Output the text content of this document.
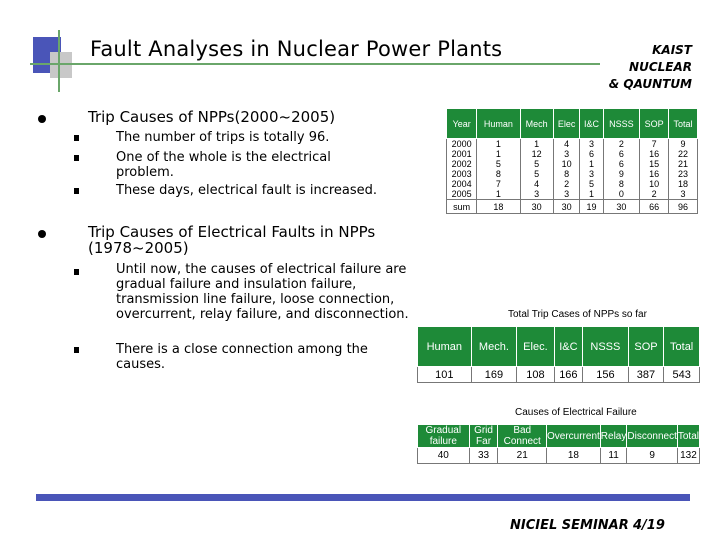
Fault Analyses in Nuclear Power Plants	KAIST NUCLEAR
& QAUNTUM
Trip Causes of NPPs(2000~2005)
The number of trips is totally 96.
One of the whole is the electrical problem.
These days, electrical fault is increased.
Trip Causes of Electrical Faults in NPPs (1978~2005)
Until now, the causes of electrical failure are gradual failure and insulation failure, transmission line failure, loose connection, overcurrent, relay failure, and disconnection.
There is a close connection among the causes.
Year	Human	Mech	Elec	I&C	NSSS	SOP	Total
2000	1	1	4	3	2	7	9
2001	1	12	3	6	6	16	22
2002	5	5	10	1	6	15	21
2003	8	5	8	3	9	16	23
2004	7	4	2	5	8	10	18
2005	1	3	3	1	0	2	3
sum	18	30	30	19	30	66	96
Total Trip Cases of NPPs so far
Human	Mech.	Elec.	I&C	NSSS	SOP	Total
101	169	108	166	156	387	543
Causes of Electrical Failure
Gradual failure	Grid Far	Bad Connect	Overcurrent	Relay	Disconnect	Total
40	33	21	18	11	9	132
NICIEL SEMINAR 4/19
